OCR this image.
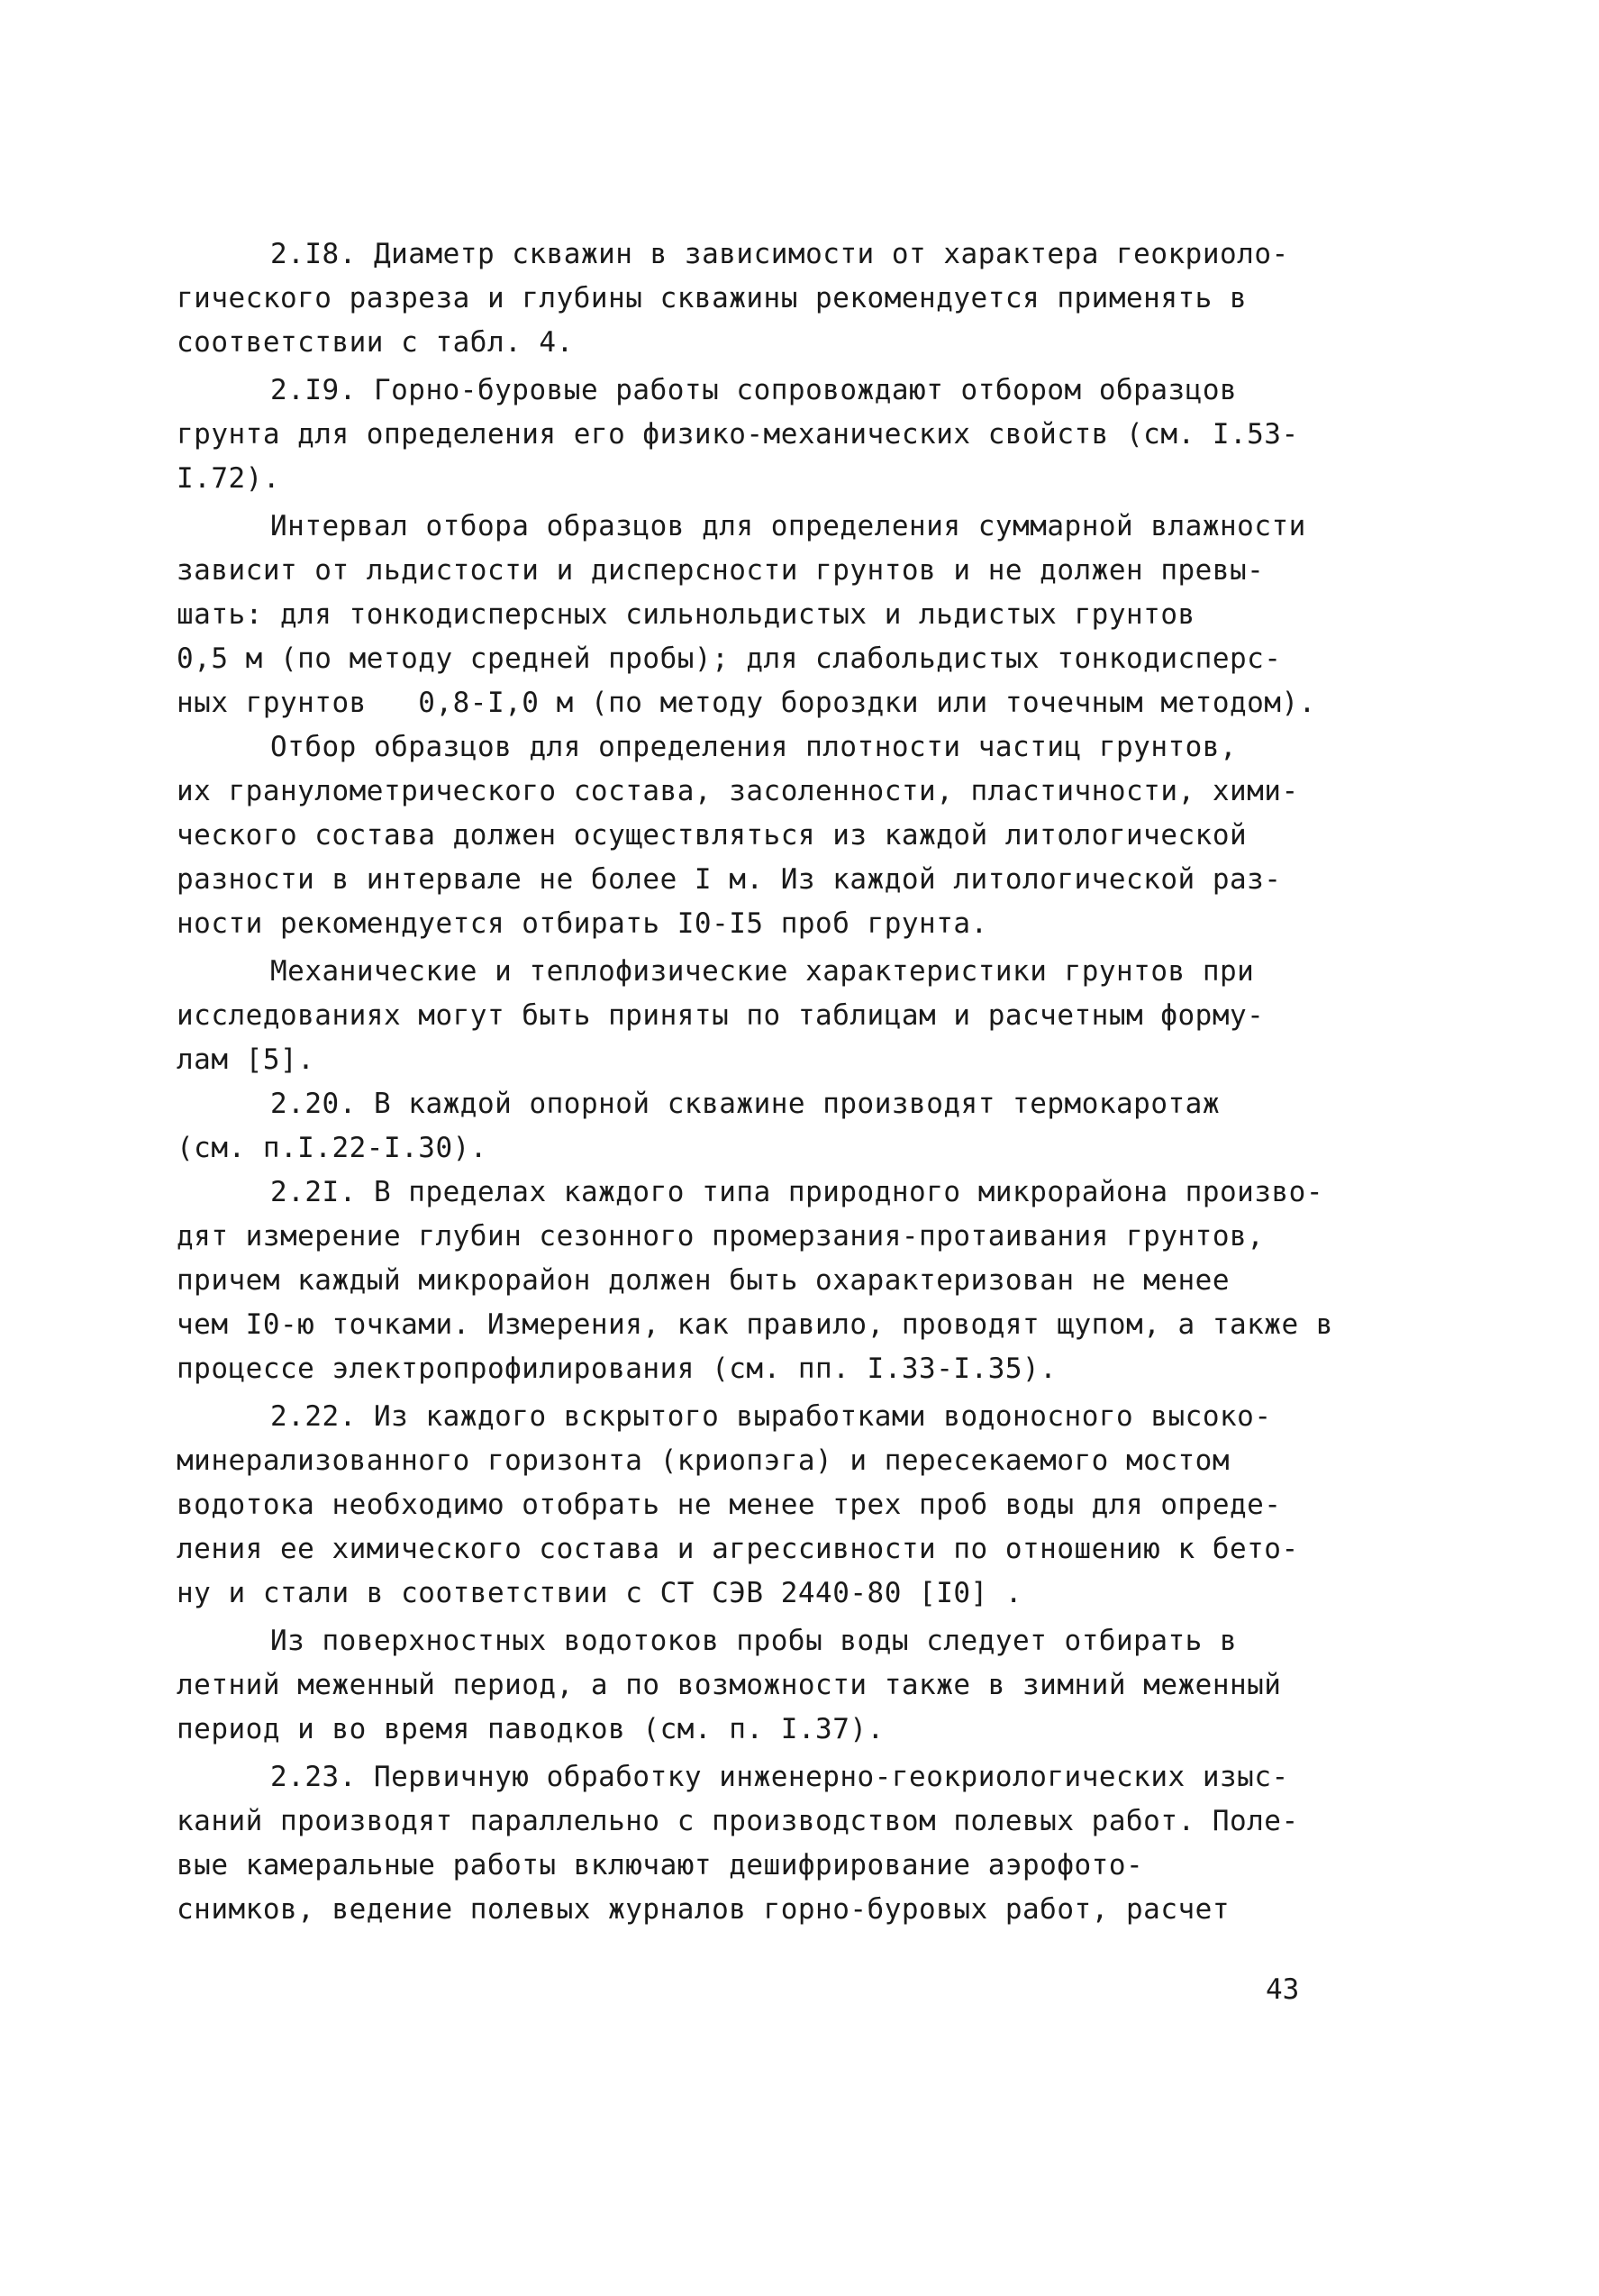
2.I8. Диаметр скважин в зависимости от характера геокриоло-
гического разреза и глубины скважины рекомендуется применять в
соответствии с табл. 4.
2.I9. Горно-буровые работы сопровождают отбором образцов
грунта для определения его физико-механических свойств (см. I.53-
I.72).
Интервал отбора образцов для определения суммарной влажности
зависит от льдистости и дисперсности грунтов и не должен превы-
шать: для тонкодисперсных сильнольдистых и льдистых грунтов
0,5 м (по методу средней пробы); для слабольдистых тонкодисперс-
ных грунтов   0,8-I,0 м (по методу бороздки или точечным методом).
Отбор образцов для определения плотности частиц грунтов,
их гранулометрического состава, засоленности, пластичности, хими-
ческого состава должен осуществляться из каждой литологической
разности в интервале не более I м. Из каждой литологической раз-
ности рекомендуется отбирать I0-I5 проб грунта.
Механические и теплофизические характеристики грунтов при
исследованиях могут быть приняты по таблицам и расчетным форму-
лам [5].
2.20. В каждой опорной скважине производят термокаротаж
(см. п.I.22-I.30).
2.2I. В пределах каждого типа природного микрорайона произво-
дят измерение глубин сезонного промерзания-протаивания грунтов,
причем каждый микрорайон должен быть охарактеризован не менее
чем I0-ю точками. Измерения, как правило, проводят щупом, а также в
процессе электропрофилирования (см. пп. I.33-I.35).
2.22. Из каждого вскрытого выработками водоносного высоко-
минерализованного горизонта (криопэга) и пересекаемого мостом
водотока необходимо отобрать не менее трех проб воды для опреде-
ления ее химического состава и агрессивности по отношению к бето-
ну и стали в соответствии с СТ СЭВ 2440-80 [I0] .
Из поверхностных водотоков пробы воды следует отбирать в
летний меженный период, а по возможности также в зимний меженный
период и во время паводков (см. п. I.37).
2.23. Первичную обработку инженерно-геокриологических изыс-
каний производят параллельно с производством полевых работ. Поле-
вые камеральные работы включают дешифрирование аэрофото-
снимков, ведение полевых журналов горно-буровых работ, расчет
43
